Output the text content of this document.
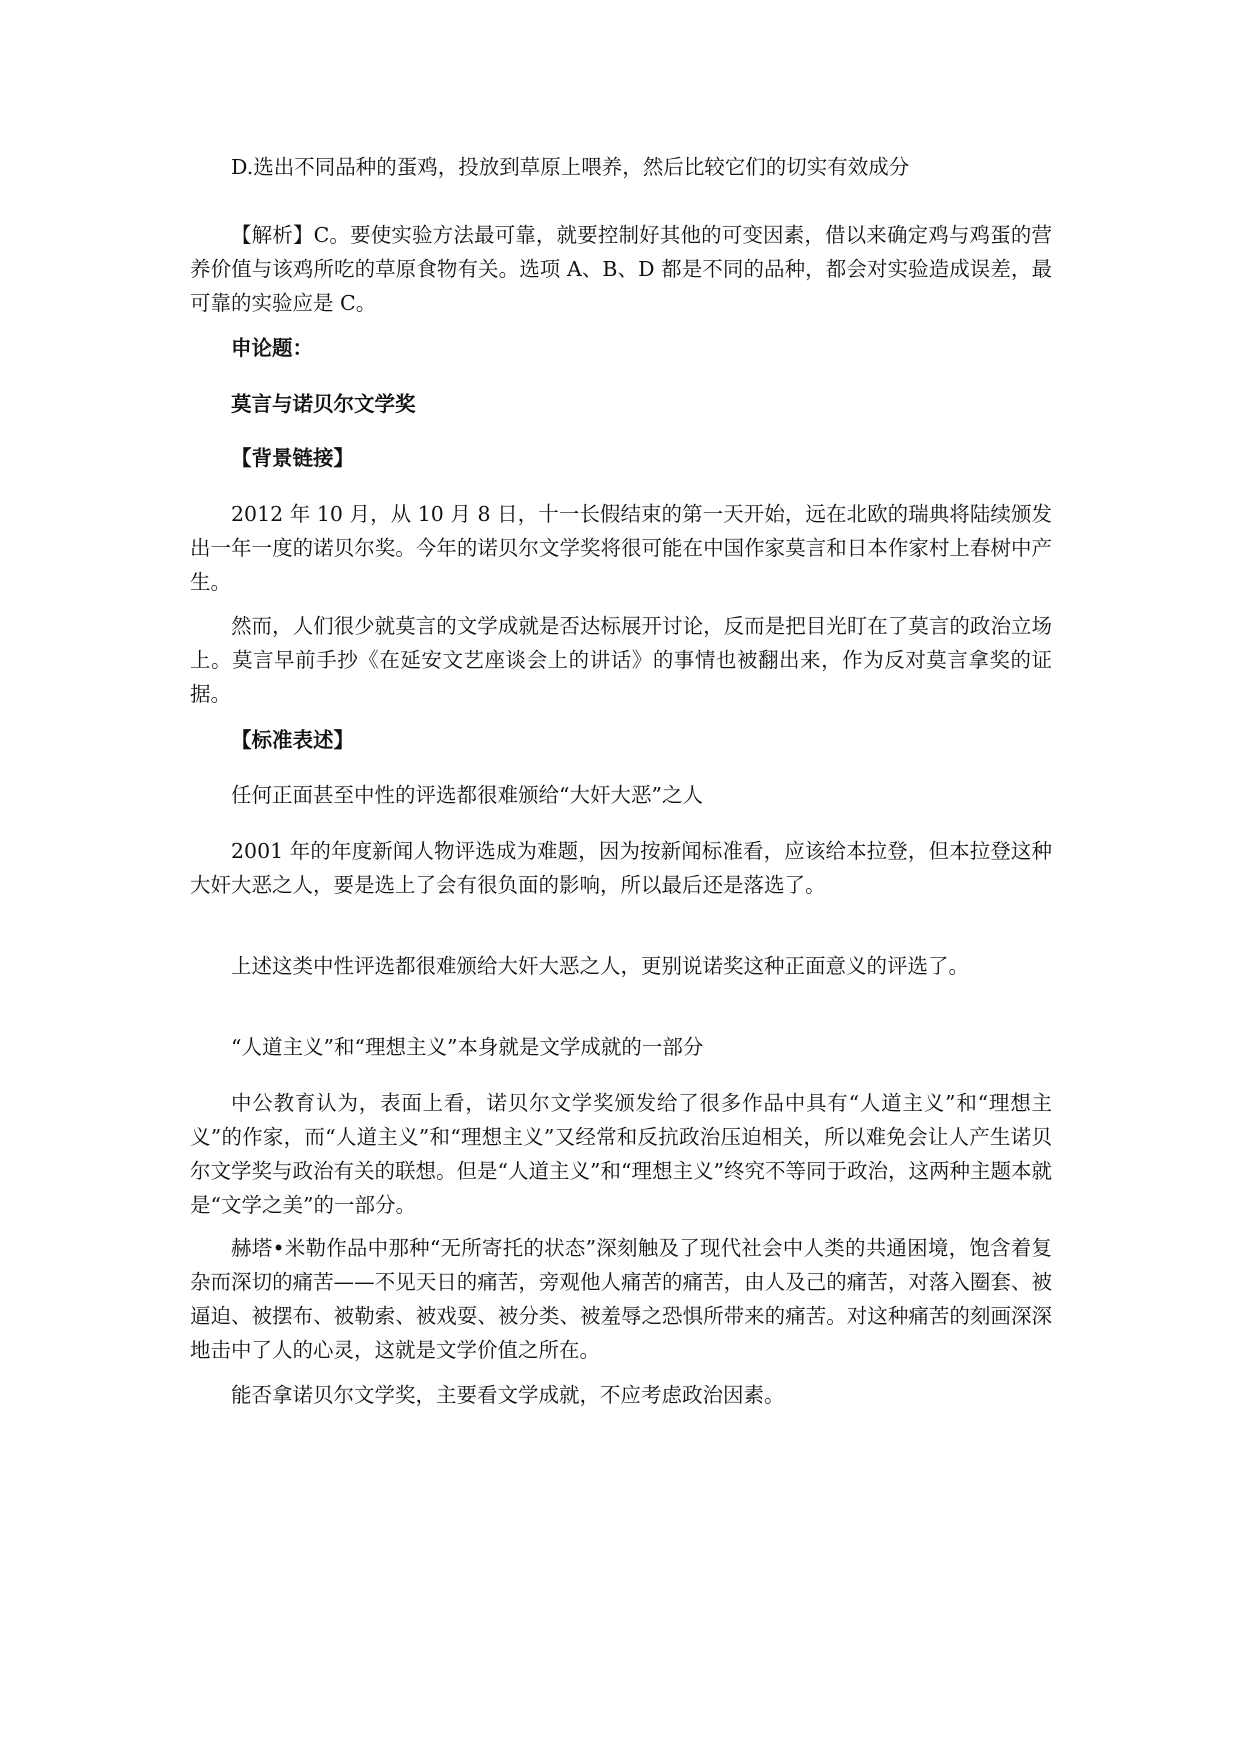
D.选出不同品种的蛋鸡，投放到草原上喂养，然后比较它们的切实有效成分
【解析】C。要使实验方法最可靠，就要控制好其他的可变因素，借以来确定鸡与鸡蛋的营养价值与该鸡所吃的草原食物有关。选项 A、B、D 都是不同的品种，都会对实验造成误差，最可靠的实验应是 C。
申论题：
莫言与诺贝尔文学奖
【背景链接】
2012 年 10 月，从 10 月 8 日，十一长假结束的第一天开始，远在北欧的瑞典将陆续颁发出一年一度的诺贝尔奖。今年的诺贝尔文学奖将很可能在中国作家莫言和日本作家村上春树中产生。
然而，人们很少就莫言的文学成就是否达标展开讨论，反而是把目光盯在了莫言的政治立场上。莫言早前手抄《在延安文艺座谈会上的讲话》的事情也被翻出来，作为反对莫言拿奖的证据。
【标准表述】
任何正面甚至中性的评选都很难颁给“大奸大恶”之人
2001 年的年度新闻人物评选成为难题，因为按新闻标准看，应该给本拉登，但本拉登这种大奸大恶之人，要是选上了会有很负面的影响，所以最后还是落选了。
上述这类中性评选都很难颁给大奸大恶之人，更别说诺奖这种正面意义的评选了。
“人道主义”和“理想主义”本身就是文学成就的一部分
中公教育认为，表面上看，诺贝尔文学奖颁发给了很多作品中具有“人道主义”和“理想主义”的作家，而“人道主义”和“理想主义”又经常和反抗政治压迫相关，所以难免会让人产生诺贝尔文学奖与政治有关的联想。但是“人道主义”和“理想主义”终究不等同于政治，这两种主题本就是“文学之美”的一部分。
赫塔•米勒作品中那种“无所寄托的状态”深刻触及了现代社会中人类的共通困境，饱含着复杂而深切的痛苦——不见天日的痛苦，旁观他人痛苦的痛苦，由人及己的痛苦，对落入圈套、被逼迫、被摆布、被勒索、被戏耍、被分类、被羞辱之恐惧所带来的痛苦。对这种痛苦的刻画深深地击中了人的心灵，这就是文学价值之所在。
能否拿诺贝尔文学奖，主要看文学成就，不应考虑政治因素。
